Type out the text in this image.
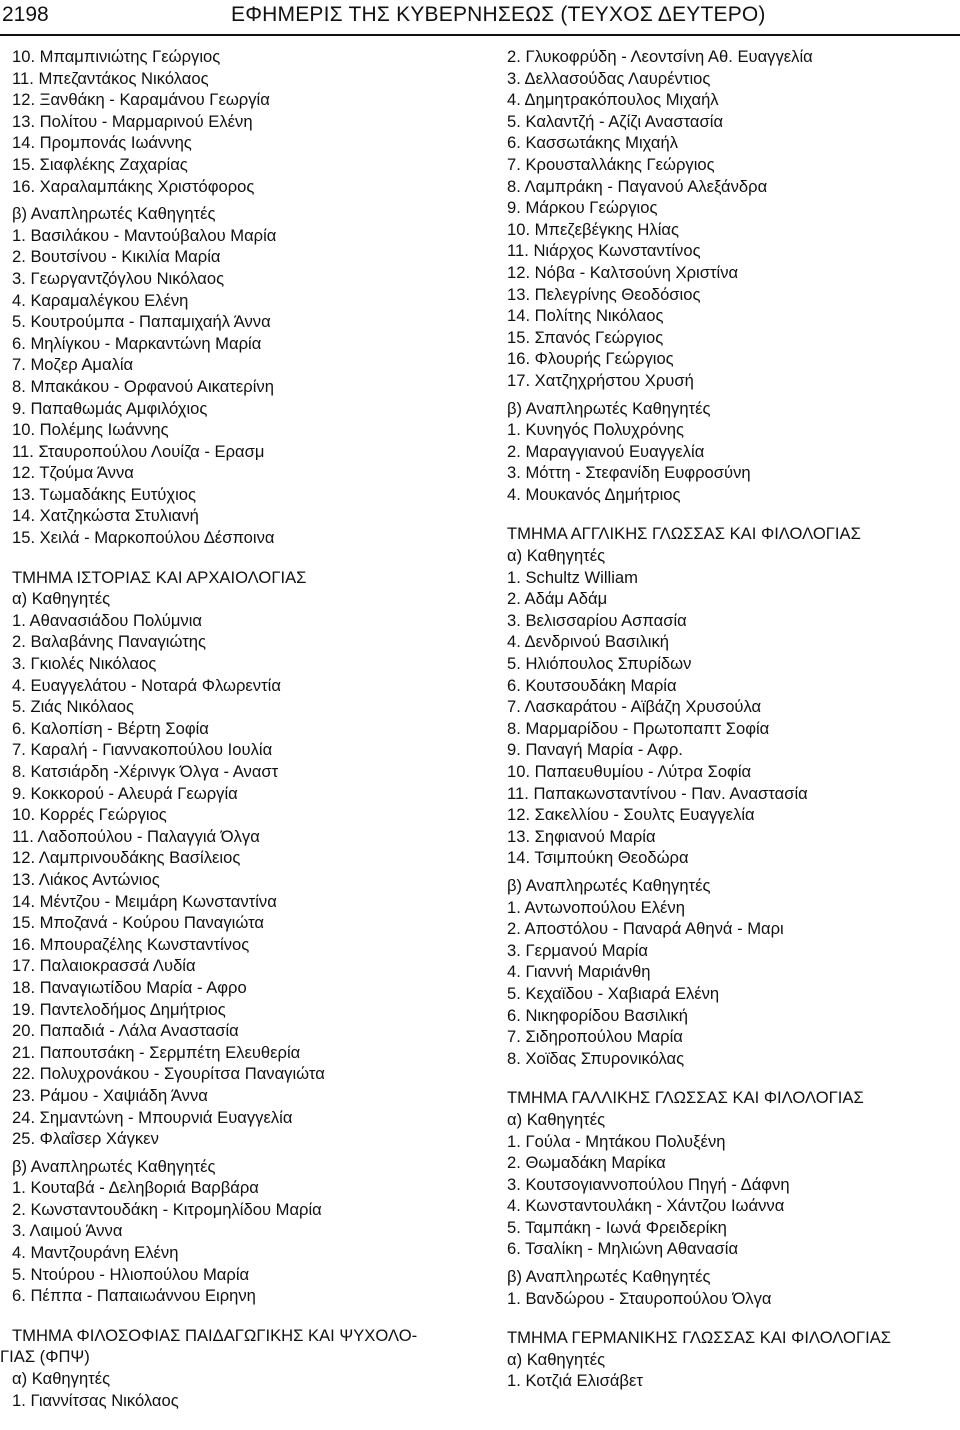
2198	ΕΦΗΜΕΡΙΣ ΤΗΣ ΚΥΒΕΡΝΗΣΕΩΣ (ΤΕΥΧΟΣ ΔΕΥΤΕΡΟ)
10. Μπαμπινιώτης Γεώργιος
11. Μπεζαντάκος Νικόλαος
12. Ξανθάκη - Καραμάνου Γεωργία
13. Πολίτου - Μαρμαρινού Ελένη
14. Προμπονάς Ιωάννης
15. Σιαφλέκης Ζαχαρίας
16. Χαραλαμπάκης Χριστόφορος
β) Αναπληρωτές Καθηγητές
1. Βασιλάκου - Μαντούβαλου Μαρία
2. Βουτσίνου - Κικιλία Μαρία
3. Γεωργαντζόγλου Νικόλαος
4. Καραμαλέγκου Ελένη
5. Κουτρούμπα - Παπαμιχαήλ Άννα
6. Μηλίγκου - Μαρκαντώνη Μαρία
7. Μοζερ Αμαλία
8. Μπακάκου - Ορφανού Αικατερίνη
9. Παπαθωμάς Αμφιλόχιος
10. Πολέμης Ιωάννης
11. Σταυροπούλου Λουίζα - Ερασμ
12. Τζούμα Άννα
13. Τωμαδάκης Ευτύχιος
14. Χατζηκώστα Στυλιανή
15. Χειλά - Μαρκοπούλου Δέσποινα
ΤΜΗΜΑ ΙΣΤΟΡΙΑΣ ΚΑΙ ΑΡΧΑΙΟΛΟΓΙΑΣ
α) Καθηγητές
1. Αθανασιάδου Πολύμνια
2. Βαλαβάνης Παναγιώτης
3. Γκιολές Νικόλαος
4. Ευαγγελάτου - Νοταρά Φλωρεντία
5. Ζιάς Νικόλαος
6. Καλοπίση - Βέρτη Σοφία
7. Καραλή - Γιαννακοπούλου Ιουλία
8. Κατσιάρδη -Χέρινγκ Όλγα - Αναστ
9. Κοκκορού - Αλευρά Γεωργία
10. Κορρές Γεώργιος
11. Λαδοπούλου - Παλαγγιά Όλγα
12. Λαμπρινουδάκης Βασίλειος
13. Λιάκος Αντώνιος
14. Μέντζου - Μειμάρη Κωνσταντίνα
15. Μποζανά - Κούρου Παναγιώτα
16. Μπουραζέλης Κωνσταντίνος
17. Παλαιοκρασσά Λυδία
18. Παναγιωτίδου Μαρία - Αφρο
19. Παντελοδήμος Δημήτριος
20. Παπαδιά - Λάλα Αναστασία
21. Παπουτσάκη - Σερμπέτη Ελευθερία
22. Πολυχρονάκου - Σγουρίτσα Παναγιώτα
23. Ράμου - Χαψιάδη Άννα
24. Σημαντώνη - Μπουρνιά Ευαγγελία
25. Φλαΐσερ Χάγκεν
β) Αναπληρωτές Καθηγητές
1. Κουταβά - Δεληβοριά Βαρβάρα
2. Κωνσταντουδάκη - Κιτρομηλίδου Μαρία
3. Λαιμού Άννα
4. Μαντζουράνη Ελένη
5. Ντούρου - Ηλιοπούλου Μαρία
6. Πέππα - Παπαιωάννου Ειρηνη
ΤΜΗΜΑ ΦΙΛΟΣΟΦΙΑΣ ΠΑΙΔΑΓΩΓΙΚΗΣ ΚΑΙ ΨΥΧΟΛΟ-
ΓΙΑΣ (ΦΠΨ)
α) Καθηγητές
1. Γιαννίτσας Νικόλαος
2. Γλυκοφρύδη - Λεοντσίνη Αθ. Ευαγγελία
3. Δελλασούδας Λαυρέντιος
4. Δημητρακόπουλος Μιχαήλ
5. Καλαντζή - Αζίζι Αναστασία
6. Κασσωτάκης Μιχαήλ
7. Κρουσταλλάκης Γεώργιος
8. Λαμπράκη - Παγανού Αλεξάνδρα
9. Μάρκου Γεώργιος
10. Μπεζεβέγκης Ηλίας
11. Νιάρχος Κωνσταντίνος
12. Νόβα - Καλτσούνη Χριστίνα
13. Πελεγρίνης Θεοδόσιος
14. Πολίτης Νικόλαος
15. Σπανός Γεώργιος
16. Φλουρής Γεώργιος
17. Χατζηχρήστου Χρυσή
β) Αναπληρωτές Καθηγητές
1. Κυνηγός Πολυχρόνης
2. Μαραγγιανού Ευαγγελία
3. Μόττη - Στεφανίδη Ευφροσύνη
4. Μουκανός Δημήτριος
ΤΜΗΜΑ ΑΓΓΛΙΚΗΣ ΓΛΩΣΣΑΣ ΚΑΙ ΦΙΛΟΛΟΓΙΑΣ
α) Καθηγητές
1. Schultz William
2. Αδάμ Αδάμ
3. Βελισσαρίου Ασπασία
4. Δενδρινού Βασιλική
5. Ηλιόπουλος Σπυρίδων
6. Κουτσουδάκη Μαρία
7. Λασκαράτου - Αϊβάζη Χρυσούλα
8. Μαρμαρίδου - Πρωτοπαπτ Σοφία
9. Παναγή Μαρία - Αφρ.
10. Παπαευθυμίου - Λύτρα Σοφία
11. Παπακωνσταντίνου - Παν. Αναστασία
12. Σακελλίου - Σουλτς Ευαγγελία
13. Σηφιανού Μαρία
14. Τσιμπούκη Θεοδώρα
β) Αναπληρωτές Καθηγητές
1. Αντωνοπούλου Ελένη
2. Αποστόλου - Παναρά Αθηνά - Μαρι
3. Γερμανού Μαρία
4. Γιαννή Μαριάνθη
5. Κεχαϊδου - Χαβιαρά Ελένη
6. Νικηφορίδου Βασιλική
7. Σιδηροπούλου Μαρία
8. Χοϊδας Σπυρονικόλας
ΤΜΗΜΑ ΓΑΛΛΙΚΗΣ ΓΛΩΣΣΑΣ ΚΑΙ ΦΙΛΟΛΟΓΙΑΣ
α) Καθηγητές
1. Γούλα - Μητάκου Πολυξένη
2. Θωμαδάκη Μαρίκα
3. Κουτσογιαννοπούλου Πηγή - Δάφνη
4. Κωνσταντουλάκη - Χάντζου Ιωάννα
5. Ταμπάκη - Ιωνά Φρειδερίκη
6. Τσαλίκη - Μηλιώνη Αθανασία
β) Αναπληρωτές Καθηγητές
1. Βανδώρου - Σταυροπούλου Όλγα
ΤΜΗΜΑ ΓΕΡΜΑΝΙΚΗΣ ΓΛΩΣΣΑΣ ΚΑΙ ΦΙΛΟΛΟΓΙΑΣ
α) Καθηγητές
1. Κοτζιά Ελισάβετ
